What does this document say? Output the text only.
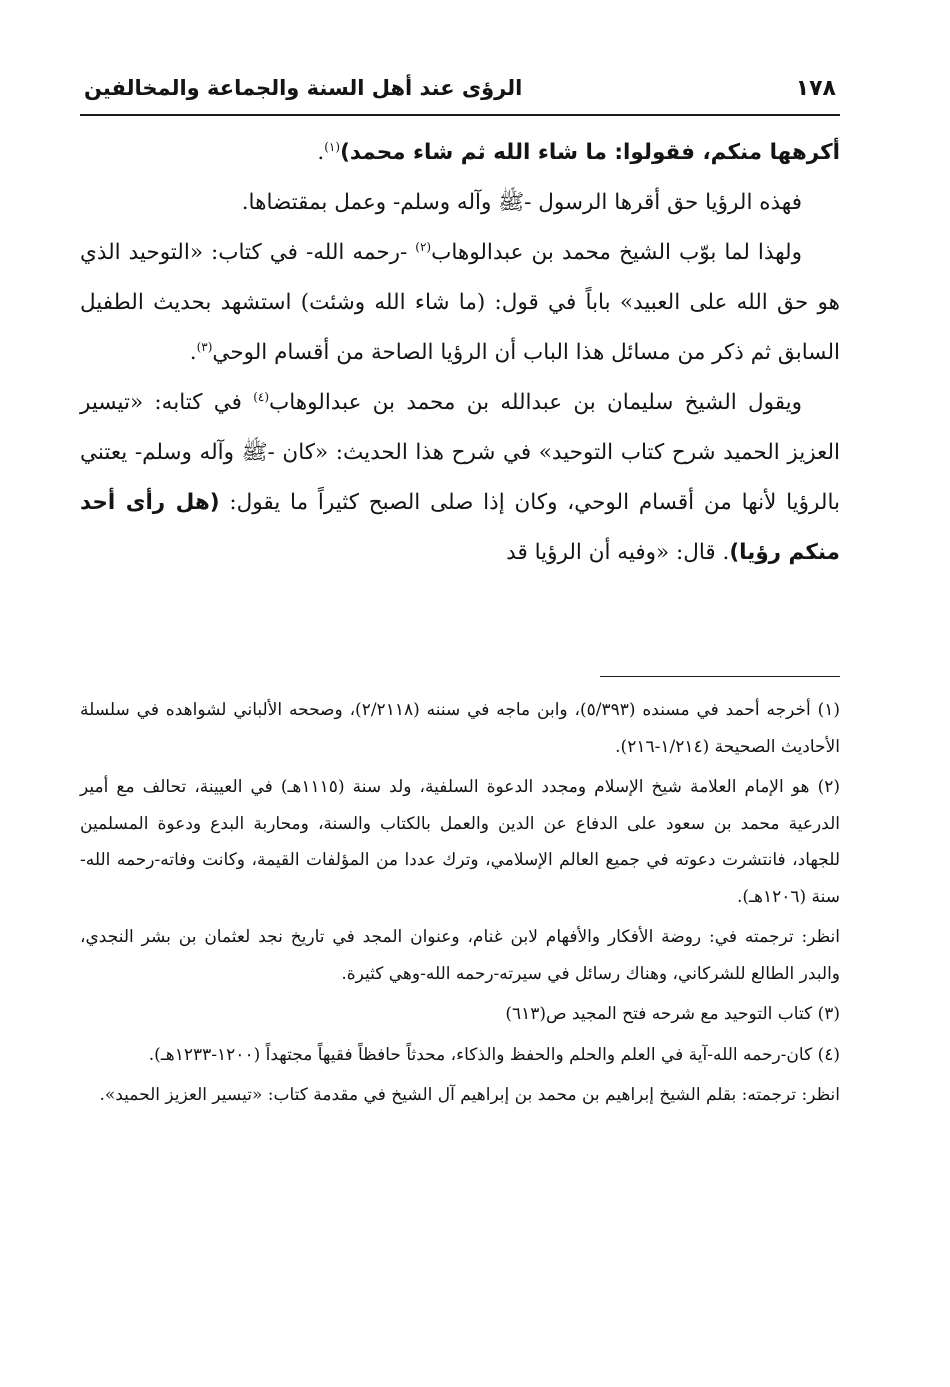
١٧٨
الرؤى عند أهل السنة والجماعة والمخالفين

أكرهها منكم، فقولوا: ما شاء الله ثم شاء محمد)$^{(١)}$.

فهذه الرؤيا حق أقرها الرسول -ﷺ وآله وسلم- وعمل بمقتضاها.

ولهذا لما بوّب الشيخ محمد بن عبدالوهاب$^{(٢)}$ -رحمه الله- في كتاب: «التوحيد الذي هو حق الله على العبيد» باباً في قول: (ما شاء الله وشئت) استشهد بحديث الطفيل السابق ثم ذكر من مسائل هذا الباب أن الرؤيا الصاحة من أقسام الوحي$^{(٣)}$.

ويقول الشيخ سليمان بن عبدالله بن محمد بن عبدالوهاب$^{(٤)}$ في كتابه: «تيسير العزيز الحميد شرح كتاب التوحيد» في شرح هذا الحديث: «كان -ﷺ وآله وسلم- يعتني بالرؤيا لأنها من أقسام الوحي، وكان إذا صلى الصبح كثيراً ما يقول: (هل رأى أحد منكم رؤيا). قال: «وفيه أن الرؤيا قد

(١) أخرجه أحمد في مسنده (٥/٣٩٣)، وابن ماجه في سننه (٢/٢١١٨)، وصححه الألباني لشواهده في سلسلة الأحاديث الصحيحة (١/٢١٤-٢١٦).

(٢) هو الإمام العلامة شيخ الإسلام ومجدد الدعوة السلفية، ولد سنة (١١١٥هـ) في العيينة، تحالف مع أمير الدرعية محمد بن سعود على الدفاع عن الدين والعمل بالكتاب والسنة، ومحاربة البدع ودعوة المسلمين للجهاد، فانتشرت دعوته في جميع العالم الإسلامي، وترك عددا من المؤلفات القيمة، وكانت وفاته-رحمه الله-سنة (١٢٠٦هـ).

انظر: ترجمته في: روضة الأفكار والأفهام لابن غنام، وعنوان المجد في تاريخ نجد لعثمان بن بشر النجدي، والبدر الطالع للشركاني، وهناك رسائل في سيرته-رحمه الله-وهي كثيرة.

(٣) كتاب التوحيد مع شرحه فتح المجيد ص(٦١٣)

(٤) كان-رحمه الله-آية في العلم والحلم والحفظ والذكاء، محدثاً حافظاً فقيهاً مجتهداً (١٢٠٠-١٢٣٣هـ).

انظر: ترجمته: بقلم الشيخ إبراهيم بن محمد بن إبراهيم آل الشيخ في مقدمة كتاب: «تيسير العزيز الحميد».
